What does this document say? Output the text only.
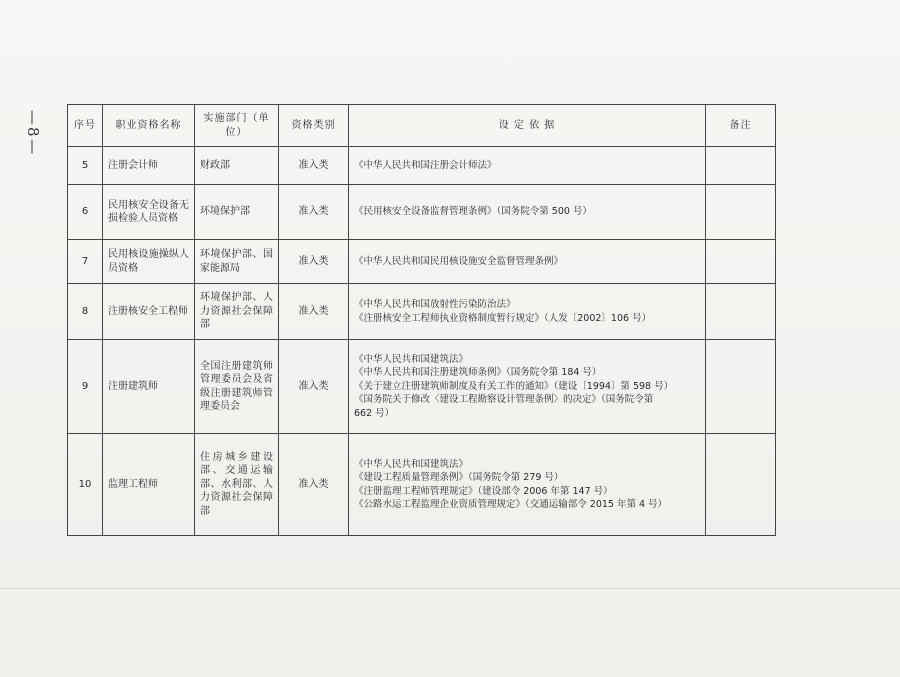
— 8 —
序号	职业资格名称	实施部门（单位）	资格类别	设 定 依 据	备注
5	注册会计师	财政部	准入类	《中华人民共和国注册会计师法》	

6	民用核安全设备无损检验人员资格	环境保护部	准入类	《民用核安全设备监督管理条例》（国务院令第 500 号）	

7	民用核设施操纵人员资格	环境保护部、国家能源局	准入类	《中华人民共和国民用核设施安全监督管理条例》	

8	注册核安全工程师	环境保护部、人力资源社会保障部	准入类	《中华人民共和国放射性污染防治法》
《注册核安全工程师执业资格制度暂行规定》（人发〔2002〕106 号）	

9	注册建筑师	全国注册建筑师管理委员会及省级注册建筑师管理委员会	准入类	《中华人民共和国建筑法》
《中华人民共和国注册建筑师条例》（国务院令第 184 号）
《关于建立注册建筑师制度及有关工作的通知》（建设〔1994〕第 598 号）
《国务院关于修改〈建设工程勘察设计管理条例〉的决定》（国务院令第
662 号）	

10	监理工程师	住房城乡建设部、交通运输部、水利部、人力资源社会保障部	准入类	《中华人民共和国建筑法》
《建设工程质量管理条例》（国务院令第 279 号）
《注册监理工程师管理规定》（建设部令 2006 年第 147 号）
《公路水运工程监理企业资质管理规定》（交通运输部令 2015 年第 4 号）	
